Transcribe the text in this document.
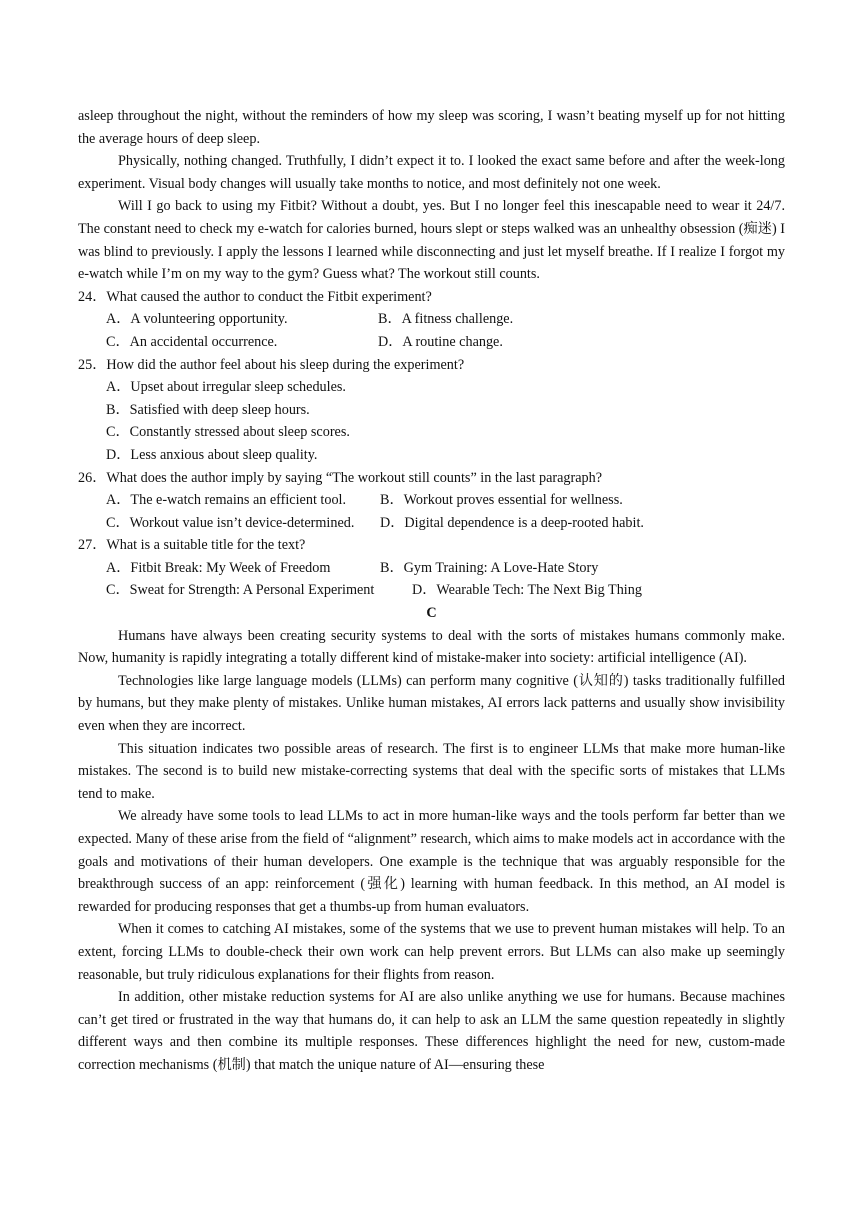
asleep throughout the night, without the reminders of how my sleep was scoring, I wasn’t beating myself up for not hitting the average hours of deep sleep.

Physically, nothing changed. Truthfully, I didn’t expect it to. I looked the exact same before and after the week-long experiment. Visual body changes will usually take months to notice, and most definitely not one week.

Will I go back to using my Fitbit? Without a doubt, yes. But I no longer feel this inescapable need to wear it 24/7. The constant need to check my e-watch for calories burned, hours slept or steps walked was an unhealthy obsession (痴迷) I was blind to previously. I apply the lessons I learned while disconnecting and just let myself breathe. If I realize I forgot my e-watch while I’m on my way to the gym? Guess what? The workout still counts.

24．What caused the author to conduct the Fitbit experiment?

A．A volunteering opportunity.	B．A fitness challenge.
C．An accidental occurrence.	D．A routine change.

25．How did the author feel about his sleep during the experiment?

A．Upset about irregular sleep schedules.
B．Satisfied with deep sleep hours.
C．Constantly stressed about sleep scores.
D．Less anxious about sleep quality.

26．What does the author imply by saying “The workout still counts” in the last paragraph?

A．The e-watch remains an efficient tool.	B．Workout proves essential for wellness.
C．Workout value isn’t device-determined.	D．Digital dependence is a deep-rooted habit.

27．What is a suitable title for the text?

A．Fitbit Break: My Week of Freedom	B．Gym Training: A Love-Hate Story
C．Sweat for Strength: A Personal Experiment	D．Wearable Tech: The Next Big Thing

C

Humans have always been creating security systems to deal with the sorts of mistakes humans commonly make. Now, humanity is rapidly integrating a totally different kind of mistake-maker into society: artificial intelligence (AI).

Technologies like large language models (LLMs) can perform many cognitive (认知的) tasks traditionally fulfilled by humans, but they make plenty of mistakes. Unlike human mistakes, AI errors lack patterns and usually show invisibility even when they are incorrect.

This situation indicates two possible areas of research. The first is to engineer LLMs that make more human-like mistakes. The second is to build new mistake-correcting systems that deal with the specific sorts of mistakes that LLMs tend to make.

We already have some tools to lead LLMs to act in more human-like ways and the tools perform far better than we expected. Many of these arise from the field of “alignment” research, which aims to make models act in accordance with the goals and motivations of their human developers. One example is the technique that was arguably responsible for the breakthrough success of an app: reinforcement (强化) learning with human feedback. In this method, an AI model is rewarded for producing responses that get a thumbs-up from human evaluators.

When it comes to catching AI mistakes, some of the systems that we use to prevent human mistakes will help. To an extent, forcing LLMs to double-check their own work can help prevent errors. But LLMs can also make up seemingly reasonable, but truly ridiculous explanations for their flights from reason.

In addition, other mistake reduction systems for AI are also unlike anything we use for humans. Because machines can’t get tired or frustrated in the way that humans do, it can help to ask an LLM the same question repeatedly in slightly different ways and then combine its multiple responses. These differences highlight the need for new, custom-made correction mechanisms (机制) that match the unique nature of AI—ensuring these
